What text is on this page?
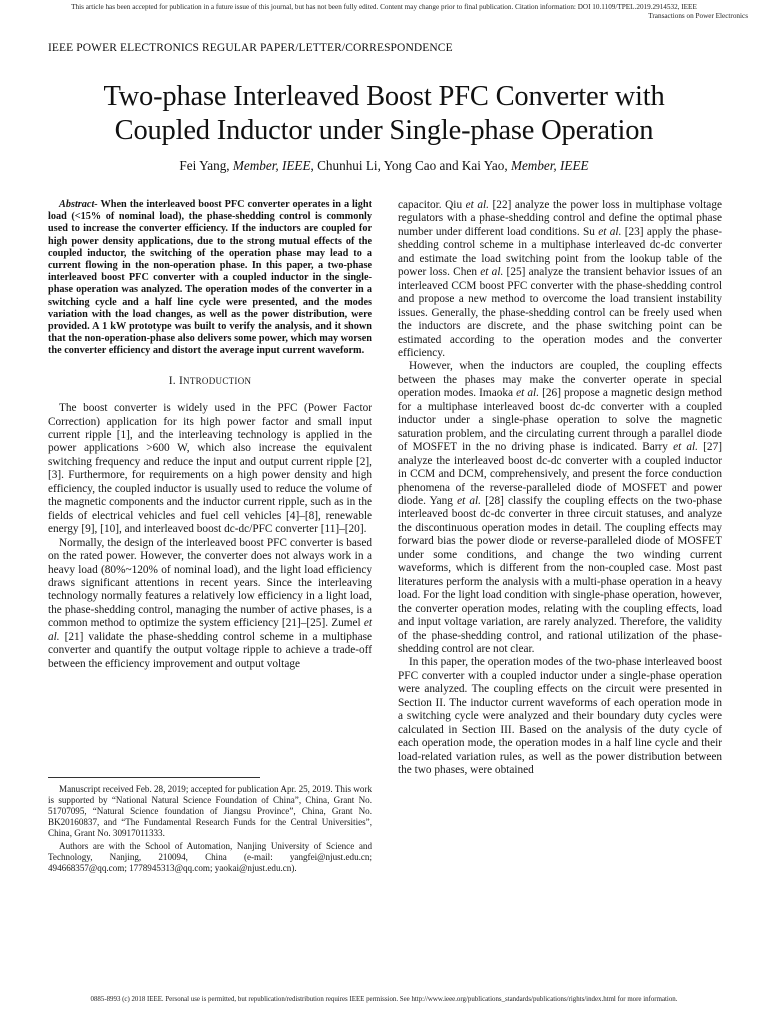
This article has been accepted for publication in a future issue of this journal, but has not been fully edited. Content may change prior to final publication. Citation information: DOI 10.1109/TPEL.2019.2914532, IEEE
Transactions on Power Electronics
IEEE POWER ELECTRONICS REGULAR PAPER/LETTER/CORRESPONDENCE
Two-phase Interleaved Boost PFC Converter with
Coupled Inductor under Single-phase Operation
Fei Yang, Member, IEEE, Chunhui Li, Yong Cao and Kai Yao, Member, IEEE

Abstract- When the interleaved boost PFC converter operates in a light load (<15% of nominal load), the phase-shedding control is commonly used to increase the converter efficiency. If the inductors are coupled for high power density applications, due to the strong mutual effects of the coupled inductor, the switching of the operation phase may lead to a current flowing in the non-operation phase. In this paper, a two-phase interleaved boost PFC converter with a coupled inductor in the single-phase operation was analyzed. The operation modes of the converter in a switching cycle and a half line cycle were presented, and the modes variation with the load changes, as well as the power distribution, were provided. A 1 kW prototype was built to verify the analysis, and it shown that the non-operation-phase also delivers some power, which may worsen the converter efficiency and distort the average input current waveform.

I. INTRODUCTION

The boost converter is widely used in the PFC (Power Factor Correction) application for its high power factor and small input current ripple [1], and the interleaving technology is applied in the power applications >600 W, which also increase the equivalent switching frequency and reduce the input and output current ripple [2], [3]. Furthermore, for requirements on a high power density and high efficiency, the coupled inductor is usually used to reduce the volume of the magnetic components and the inductor current ripple, such as in the fields of electrical vehicles and fuel cell vehicles [4]–[8], renewable energy [9], [10], and interleaved boost dc-dc/PFC converter [11]–[20].

Normally, the design of the interleaved boost PFC converter is based on the rated power. However, the converter does not always work in a heavy load (80%~120% of nominal load), and the light load efficiency draws significant attentions in recent years. Since the interleaving technology normally features a relatively low efficiency in a light load, the phase-shedding control, managing the number of active phases, is a common method to optimize the system efficiency [21]–[25]. Zumel et al. [21] validate the phase-shedding control scheme in a multiphase converter and quantify the output voltage ripple to achieve a trade-off between the efficiency improvement and output voltage

Manuscript received Feb. 28, 2019; accepted for publication Apr. 25, 2019. This work is supported by “National Natural Science Foundation of China”, China, Grant No. 51707095, “Natural Science foundation of Jiangsu Province”, China, Grant No. BK20160837, and “The Fundamental Research Funds for the Central Universities”, China, Grant No. 30917011333.

Authors are with the School of Automation, Nanjing University of Science and Technology, Nanjing, 210094, China (e-mail: yangfei@njust.edu.cn; 494668357@qq.com; 1778945313@qq.com; yaokai@njust.edu.cn).

capacitor. Qiu et al. [22] analyze the power loss in multiphase voltage regulators with a phase-shedding control and define the optimal phase number under different load conditions. Su et al. [23] apply the phase-shedding control scheme in a multiphase interleaved dc-dc converter and estimate the load switching point from the lookup table of the power loss. Chen et al. [25] analyze the transient behavior issues of an interleaved CCM boost PFC converter with the phase-shedding control and propose a new method to overcome the load transient instability issues. Generally, the phase-shedding control can be freely used when the inductors are discrete, and the phase switching point can be estimated according to the operation modes and the converter efficiency.

However, when the inductors are coupled, the coupling effects between the phases may make the converter operate in special operation modes. Imaoka et al. [26] propose a magnetic design method for a multiphase interleaved boost dc-dc converter with a coupled inductor under a single-phase operation to solve the magnetic saturation problem, and the circulating current through a parallel diode of MOSFET in the no driving phase is indicated. Barry et al. [27] analyze the interleaved boost dc-dc converter with a coupled inductor in CCM and DCM, comprehensively, and present the force conduction phenomena of the reverse-paralleled diode of MOSFET and power diode. Yang et al. [28] classify the coupling effects on the two-phase interleaved boost dc-dc converter in three circuit statuses, and analyze the discontinuous operation modes in detail. The coupling effects may forward bias the power diode or reverse-paralleled diode of MOSFET under some conditions, and change the two winding current waveforms, which is different from the non-coupled case. Most past literatures perform the analysis with a multi-phase operation in a heavy load. For the light load condition with single-phase operation, however, the converter operation modes, relating with the coupling effects, load and input voltage variation, are rarely analyzed. Therefore, the validity of the phase-shedding control, and rational utilization of the phase-shedding control are not clear.

In this paper, the operation modes of the two-phase interleaved boost PFC converter with a coupled inductor under a single-phase operation were analyzed. The coupling effects on the circuit were presented in Section II. The inductor current waveforms of each operation mode in a switching cycle were analyzed and their boundary duty cycles were calculated in Section III. Based on the analysis of the duty cycle of each operation mode, the operation modes in a half line cycle and their load-related variation rules, as well as the power distribution between the two phases, were obtained

0885-8993 (c) 2018 IEEE. Personal use is permitted, but republication/redistribution requires IEEE permission. See http://www.ieee.org/publications_standards/publications/rights/index.html for more information.
